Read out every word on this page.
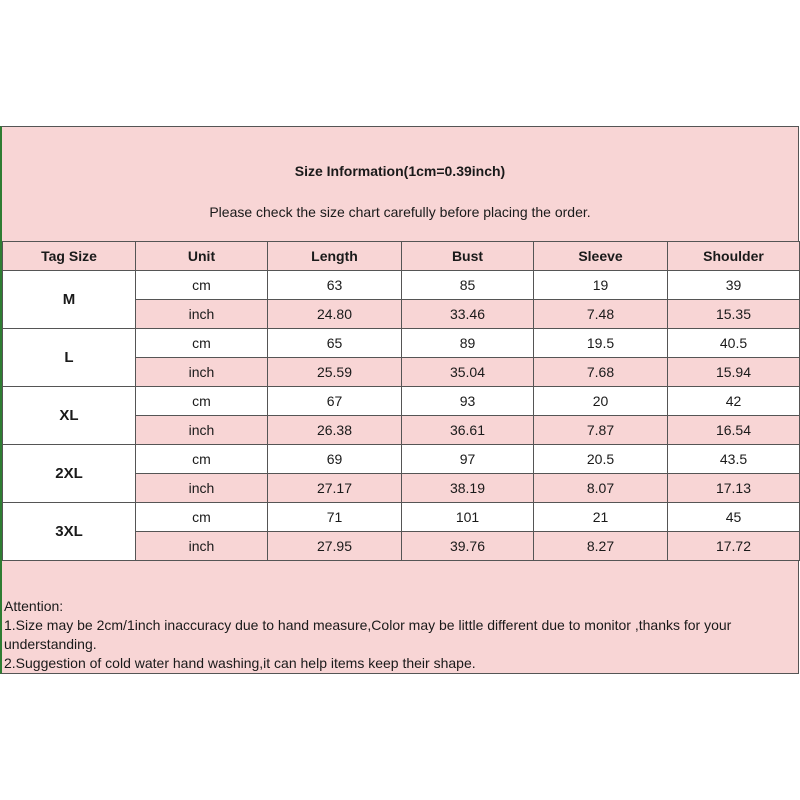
Size Information(1cm=0.39inch)
Please check the size chart carefully before placing the order.
Tag Size	Unit	Length	Bust	Sleeve	Shoulder
M	cm	63	85	19	39
	inch	24.80	33.46	7.48	15.35
L	cm	65	89	19.5	40.5
	inch	25.59	35.04	7.68	15.94
XL	cm	67	93	20	42
	inch	26.38	36.61	7.87	16.54
2XL	cm	69	97	20.5	43.5
	inch	27.17	38.19	8.07	17.13
3XL	cm	71	101	21	45
	inch	27.95	39.76	8.27	17.72

Attention:

1.Size may be 2cm/1inch inaccuracy due to hand measure,Color may be little different due to monitor ,thanks for your understanding.

2.Suggestion of cold water hand washing,it can help items keep their shape.
